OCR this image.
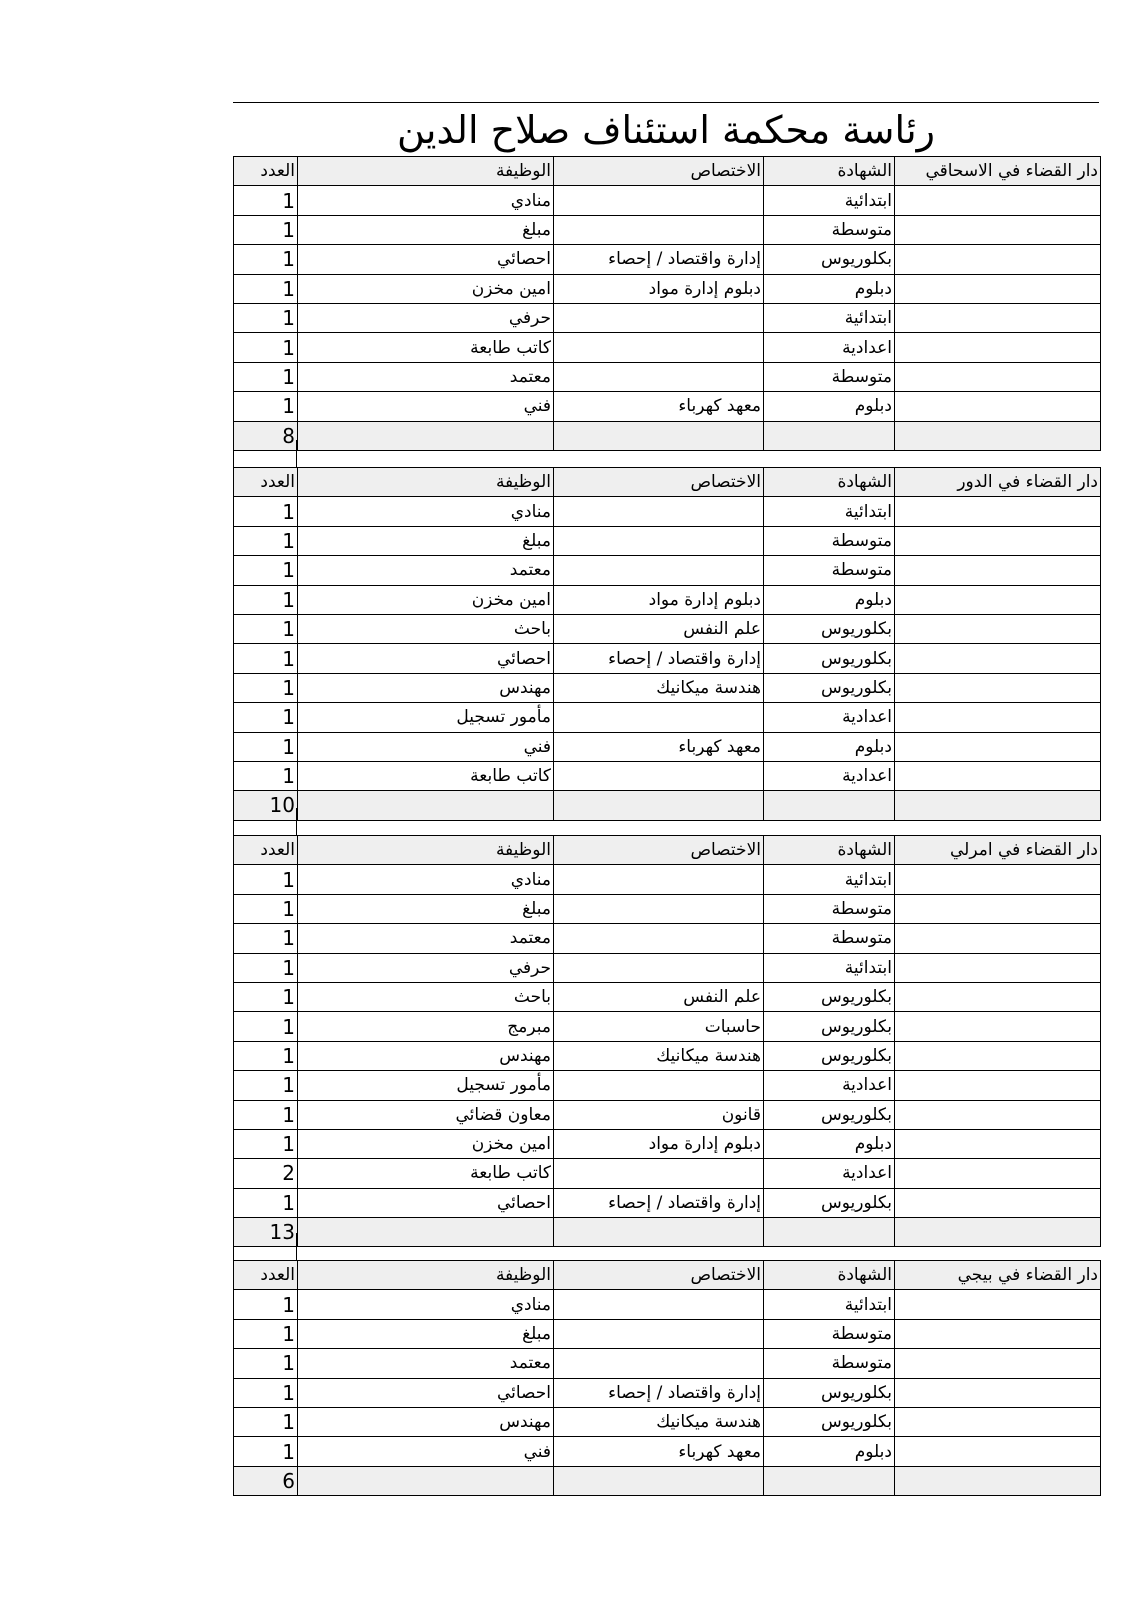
رئاسة محكمة استئناف صلاح الدين
العدد	الوظيفة	الاختصاص	الشهادة	دار القضاء في الاسحاقي
1	منادي		ابتدائية	
1	مبلغ		متوسطة	
1	احصائي	إدارة واقتصاد / إحصاء	بكلوريوس	
1	امين مخزن	دبلوم إدارة مواد	دبلوم	
1	حرفي		ابتدائية	
1	كاتب طابعة		اعدادية	
1	معتمد		متوسطة	
1	فني	معهد كهرباء	دبلوم	
8				
العدد	الوظيفة	الاختصاص	الشهادة	دار القضاء في الدور
1	منادي		ابتدائية	
1	مبلغ		متوسطة	
1	معتمد		متوسطة	
1	امين مخزن	دبلوم إدارة مواد	دبلوم	
1	باحث	علم النفس	بكلوريوس	
1	احصائي	إدارة واقتصاد / إحصاء	بكلوريوس	
1	مهندس	هندسة ميكانيك	بكلوريوس	
1	مأمور تسجيل		اعدادية	
1	فني	معهد كهرباء	دبلوم	
1	كاتب طابعة		اعدادية	
10				
العدد	الوظيفة	الاختصاص	الشهادة	دار القضاء في امرلي
1	منادي		ابتدائية	
1	مبلغ		متوسطة	
1	معتمد		متوسطة	
1	حرفي		ابتدائية	
1	باحث	علم النفس	بكلوريوس	
1	مبرمج	حاسبات	بكلوريوس	
1	مهندس	هندسة ميكانيك	بكلوريوس	
1	مأمور تسجيل		اعدادية	
1	معاون قضائي	قانون	بكلوريوس	
1	امين مخزن	دبلوم إدارة مواد	دبلوم	
2	كاتب طابعة		اعدادية	
1	احصائي	إدارة واقتصاد / إحصاء	بكلوريوس	
13				
العدد	الوظيفة	الاختصاص	الشهادة	دار القضاء في بيجي
1	منادي		ابتدائية	
1	مبلغ		متوسطة	
1	معتمد		متوسطة	
1	احصائي	إدارة واقتصاد / إحصاء	بكلوريوس	
1	مهندس	هندسة ميكانيك	بكلوريوس	
1	فني	معهد كهرباء	دبلوم	
6				
